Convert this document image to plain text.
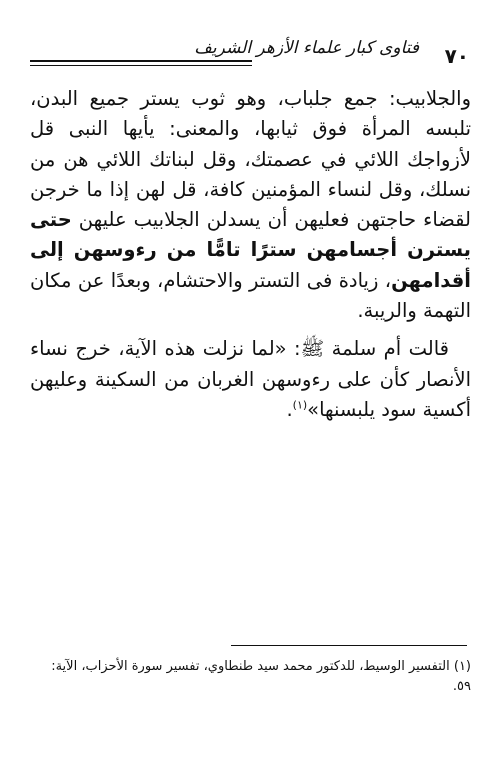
٧٠
فتاوى كبار علماء الأزهر الشريف

والجلابيب: جمع جلباب، وهو ثوب يستر جميع البدن، تلبسه المرأة فوق ثيابها، والمعنى: يأيها النبى قل لأزواجك اللائي في عصمتك، وقل لبناتك اللائي هن من نسلك، وقل لنساء المؤمنين كافة، قل لهن إذا ما خرجن لقضاء حاجتهن فعليهن أن يسدلن الجلابيب عليهن حتى يسترن أجسامهن سترًا تامًّا من رءوسهن إلى أقدامهن، زيادة فى التستر والاحتشام، وبعدًا عن مكان التهمة والريبة.

قالت أم سلمة ﷺ: «لما نزلت هذه الآية، خرج نساء الأنصار كأن على رءوسهن الغربان من السكينة وعليهن أكسية سود يلبسنها»$^{(١)}$.

(١) التفسير الوسيط، للدكتور محمد سيد طنطاوي، تفسير سورة الأحزاب، الآية: ٥٩.
